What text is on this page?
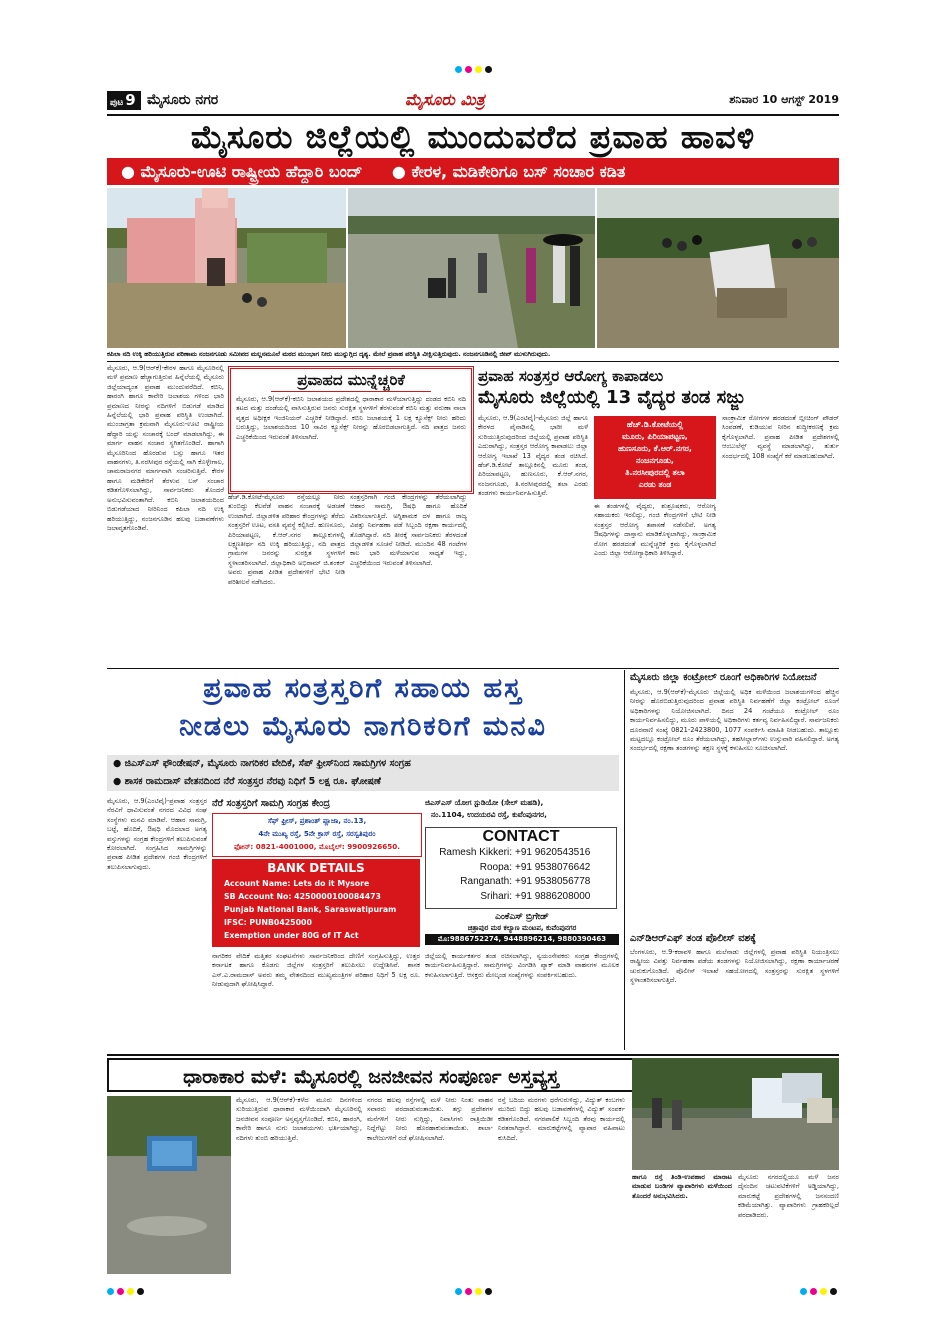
ಪುಟ 9 ಮೈಸೂರು ನಗರ	ಮೈಸೂರು ಮಿತ್ರ	ಶನಿವಾರ 10 ಆಗಸ್ಟ್ 2019
ಮೈಸೂರು ಜಿಲ್ಲೆಯಲ್ಲಿ ಮುಂದುವರೆದ ಪ್ರವಾಹ ಹಾವಳಿ
● ಮೈಸೂರು-ಊಟಿ ರಾಷ್ಟ್ರೀಯ ಹೆದ್ದಾರಿ ಬಂದ್ ● ಕೇರಳ, ಮಡಿಕೇರಿಗೂ ಬಸ್ ಸಂಚಾರ ಕಡಿತ
ಕಪಿಲಾ ನದಿ ಉಕ್ಕಿ ಹರಿಯುತ್ತಿರುವ ಪರಿಣಾಮ ನಂಜನಗೂಡು ಸಮೀಪದ ಮಲ್ಲನಮೂಲೆ ಮಠದ ಮುಂಭಾಗ ನೀರು ಮುನ್ನುಗ್ಗಿದ ದೃಶ್ಯ. ಮೇಲೆ ಪ್ರವಾಹ ಪರಿಸ್ಥಿತಿ ವೀಕ್ಷಿಸುತ್ತಿರುವುದು. ನಂಜನಗೂಡಿನಲ್ಲಿ ಜೀಪ್ ಮುಳುಗಿರುವುದು.
ಮೈಸೂರು, ಆ.9(ಆರ್‌ಕೆ)-ಕೇರಳ ಹಾಗೂ ಮೈಸೂರಿನಲ್ಲಿ ಮಳೆ ಪ್ರಮಾಣ ಹೆಚ್ಚಾಗುತ್ತಿರುವ ಹಿನ್ನೆಲೆಯಲ್ಲಿ ಮೈಸೂರು ಜಿಲ್ಲೆಯಾದ್ಯಂತ ಪ್ರವಾಹ ಮುಂದುವರೆದಿದೆ. ಕಬಿನಿ, ಹಾರಂಗಿ ಹಾಗೂ ಕಾವೇರಿ ಜಲಾಶಯ ಗಳಿಂದ ಭಾರಿ ಪ್ರಮಾಣದ ನೀರನ್ನು ನದಿಗಳಿಗೆ ಬಿಡುಗಡೆ ಮಾಡಿದ ಹಿನ್ನೆಲೆಯಲ್ಲಿ ಭಾರಿ ಪ್ರವಾಹ ಪರಿಸ್ಥಿತಿ ಉಂಟಾಗಿದೆ. ಮುಂಜಾಗ್ರತಾ ಕ್ರಮವಾಗಿ ಮೈಸೂರು-ಊಟಿ ರಾಷ್ಟ್ರೀಯ ಹೆದ್ದಾರಿ ಯನ್ನು ಸಂಚಾರಕ್ಕೆ ಬಂದ್ ಮಾಡಲಾಗಿದ್ದು, ಈ ಮಾರ್ಗ ವಾಹನ ಸಂಚಾರ ಸ್ಥಗಿತಗೊಂಡಿದೆ. ಹಾಗಾಗಿ ಮೈಸೂರಿನಿಂದ ಹೊರಡುವ ಬಸ್ಸು ಹಾಗೂ ಇತರ ವಾಹನಗಳು, ತಿ.ನರಸೀಪುರ ರಸ್ತೆಯಲ್ಲಿ ಸಾಗಿ ಕೊಳ್ಳೇಗಾಲ, ಚಾಮರಾಜನಗರ ಮಾರ್ಗವಾಗಿ ಸಂಚರಿಸುತ್ತಿವೆ. ಕೇರಳ ಹಾಗೂ ಮಡಿಕೇರಿಗೆ ತೆರಳುವ ಬಸ್ ಸಂಚಾರ ಕಡಿತಗೊಳಿಸಲಾಗಿದ್ದು, ಸಾರ್ವಜನಿಕರು ತೊಂದರೆ ಅನುಭವಿಸುವಂತಾಗಿದೆ. ಕಬಿನಿ ಜಲಾಶಯದಿಂದ ಬಿಡುಗಡೆಯಾದ ನೀರಿನಿಂದ ಕಪಿಲಾ ನದಿ ಉಕ್ಕಿ ಹರಿಯುತ್ತಿದ್ದು, ನಂಜನಗೂಡಿನ ಹಲವು ಬಡಾವಣೆಗಳು ಜಲಾವೃತಗೊಂಡಿವೆ.
ಪ್ರವಾಹದ ಮುನ್ನೆಚ್ಚರಿಕೆ
ಮೈಸೂರು, ಆ.9(ಆರ್‌ಕೆ)-ಕಬಿನಿ ಜಲಾಶಯದ ಪ್ರದೇಶದಲ್ಲಿ ಧಾರಾಕಾರ ಮಳೆಯಾಗುತ್ತಿದ್ದು ದಂಡದ ಕಬಿನಿ ನದಿ ತಟದ ಮತ್ತು ದಂಡೆಯಲ್ಲಿ ವಾಸಿಸುತ್ತಿರುವ ಜನರು ಸುರಕ್ಷಿತ ಸ್ಥಳಗಳಿಗೆ ತೆರಳುವಂತೆ ಕಬಿನಿ ಮತ್ತು ವರುಣಾ ನಾಲಾ ವೃತ್ತದ ಅಧೀಕ್ಷಕ ಇಂಜಿನಿಯರ್ ಎಚ್ಚರಿಕೆ ನೀಡಿದ್ದಾರೆ. ಕಬಿನಿ ಜಲಾಶಯಕ್ಕೆ 1 ಲಕ್ಷ ಕ್ಯೂಸೆಕ್ಸ್ ನೀರು ಹರಿದು ಬರುತ್ತಿದ್ದು, ಜಲಾಶಯದಿಂದ 10 ಸಾವಿರ ಕ್ಯೂಸೆಕ್ಸ್ ನೀರನ್ನು ಹೊರಬಿಡಲಾಗುತ್ತಿದೆ. ನದಿ ಪಾತ್ರದ ಜನರು ಎಚ್ಚರಿಕೆಯಿಂದ ಇರುವಂತೆ ತಿಳಿಸಲಾಗಿದೆ.
ಹೆಚ್.ಡಿ.ಕೋಟೆ-ಮೈಸೂರು ರಸ್ತೆಯಲ್ಲೂ ನೀರು ತುಂಬಿದ್ದು ಕೆಲವೆಡೆ ವಾಹನ ಸಂಚಾರಕ್ಕೆ ಅಡಚಣೆ ಉಂಟಾಗಿದೆ. ಜಿಲ್ಲಾಡಳಿತ ಪರಿಹಾರ ಕೇಂದ್ರಗಳನ್ನು ತೆರೆದು ಸಂತ್ರಸ್ತರಿಗೆ ಊಟ, ವಸತಿ ವ್ಯವಸ್ಥೆ ಕಲ್ಪಿಸಿದೆ. ಹುಣಸೂರು, ಪಿರಿಯಾಪಟ್ಟಣ, ಕೆ.ಆರ್.ನಗರ ತಾಲ್ಲೂಕುಗಳಲ್ಲಿ ಲಕ್ಷ್ಮಣತೀರ್ಥ ನದಿ ಉಕ್ಕಿ ಹರಿಯುತ್ತಿದ್ದು, ನದಿ ಪಾತ್ರದ ಗ್ರಾಮಗಳ ಜನರನ್ನು ಸುರಕ್ಷಿತ ಸ್ಥಳಗಳಿಗೆ ಸ್ಥಳಾಂತರಿಸಲಾಗಿದೆ. ಜಿಲ್ಲಾಧಿಕಾರಿ ಅಭಿರಾಮ್ ಜಿ.ಶಂಕರ್ ಅವರು ಪ್ರವಾಹ ಪೀಡಿತ ಪ್ರದೇಶಗಳಿಗೆ ಭೇಟಿ ನೀಡಿ ಪರಿಶೀಲನೆ ನಡೆಸಿದರು.
ಸಂತ್ರಸ್ತರಿಗಾಗಿ ಗಂಜಿ ಕೇಂದ್ರಗಳನ್ನು ತೆರೆಯಲಾಗಿದ್ದು ಆಹಾರ ಸಾಮಗ್ರಿ, ಔಷಧಿ ಹಾಗೂ ಹೊದಿಕೆ ವಿತರಿಸಲಾಗುತ್ತಿದೆ. ಅಗ್ನಿಶಾಮಕ ದಳ ಹಾಗೂ ರಾಜ್ಯ ವಿಪತ್ತು ನಿರ್ವಹಣಾ ಪಡೆ ಸಿಬ್ಬಂದಿ ರಕ್ಷಣಾ ಕಾರ್ಯದಲ್ಲಿ ತೊಡಗಿದ್ದಾರೆ. ನದಿ ತೀರಕ್ಕೆ ಸಾರ್ವಜನಿಕರು ತೆರಳದಂತೆ ಜಿಲ್ಲಾಡಳಿತ ಸೂಚನೆ ನೀಡಿದೆ. ಮುಂದಿನ 48 ಗಂಟೆಗಳ ಕಾಲ ಭಾರಿ ಮಳೆಯಾಗುವ ಸಾಧ್ಯತೆ ಇದ್ದು, ಎಚ್ಚರಿಕೆಯಿಂದ ಇರುವಂತೆ ತಿಳಿಸಲಾಗಿದೆ.
ಪ್ರವಾಹ ಸಂತ್ರಸ್ತರ ಆರೋಗ್ಯ ಕಾಪಾಡಲು
ಮೈಸೂರು ಜಿಲ್ಲೆಯಲ್ಲಿ 13 ವೈದ್ಯರ ತಂಡ ಸಜ್ಜು
ಮೈಸೂರು, ಆ.9(ಎಂಟಿವೈ)-ಮೈಸೂರು ಜಿಲ್ಲೆ ಹಾಗೂ ಕೇರಳದ ವೈನಾಡಿನಲ್ಲಿ ಭಾರೀ ಮಳೆ ಸುರಿಯುತ್ತಿರುವುದರಿಂದ ಜಿಲ್ಲೆಯಲ್ಲಿ ಪ್ರವಾಹ ಪರಿಸ್ಥಿತಿ ಎದುರಾಗಿದ್ದು, ಸಂತ್ರಸ್ತರ ಆರೋಗ್ಯ ಕಾಪಾಡಲು ಜಿಲ್ಲಾ ಆರೋಗ್ಯ ಇಲಾಖೆ 13 ವೈದ್ಯರ ತಂಡ ರಚಿಸಿದೆ. ಹೆಚ್.ಡಿ.ಕೋಟೆ ತಾಲ್ಲೂಕಿನಲ್ಲಿ ಮೂರು ತಂಡ, ಪಿರಿಯಾಪಟ್ಟಣ, ಹುಣಸೂರು, ಕೆ.ಆರ್.ನಗರ, ನಂಜನಗೂಡು, ತಿ.ನರಸೀಪುರದಲ್ಲಿ ತಲಾ ಎರಡು ತಂಡಗಳು ಕಾರ್ಯನಿರ್ವಹಿಸುತ್ತಿವೆ.
ಹೆಚ್.ಡಿ.ಕೋಟೆಯಲ್ಲಿ
ಮೂರು, ಪಿರಿಯಾಪಟ್ಟಣ,
ಹುಣಸೂರು, ಕೆ.ಆರ್.ನಗರ,
ನಂಜನಗೂಡು,
ತಿ.ನರಸೀಪುರದಲ್ಲಿ ತಲಾ
ಎರಡು ತಂಡ
ಈ ತಂಡಗಳಲ್ಲಿ ವೈದ್ಯರು, ಶುಶ್ರೂಷಕರು, ಆರೋಗ್ಯ ಸಹಾಯಕರು ಇರಲಿದ್ದು, ಗಂಜಿ ಕೇಂದ್ರಗಳಿಗೆ ಭೇಟಿ ನೀಡಿ ಸಂತ್ರಸ್ತರ ಆರೋಗ್ಯ ತಪಾಸಣೆ ನಡೆಸಲಿವೆ. ಅಗತ್ಯ ಔಷಧಿಗಳನ್ನು ದಾಸ್ತಾನು ಮಾಡಿಕೊಳ್ಳಲಾಗಿದ್ದು, ಸಾಂಕ್ರಾಮಿಕ ರೋಗ ಹರಡದಂತೆ ಮುನ್ನೆಚ್ಚರಿಕೆ ಕ್ರಮ ಕೈಗೊಳ್ಳಲಾಗಿದೆ ಎಂದು ಜಿಲ್ಲಾ ಆರೋಗ್ಯಾಧಿಕಾರಿ ತಿಳಿಸಿದ್ದಾರೆ.
ಸಾಂಕ್ರಾಮಿಕ ರೋಗಗಳ ಹರಡದಂತೆ ಬ್ಲೀಚಿಂಗ್ ಪೌಡರ್ ಸಿಂಪಡಣೆ, ಕುಡಿಯುವ ನೀರಿನ ಶುದ್ಧೀಕರಣಕ್ಕೆ ಕ್ರಮ ಕೈಗೊಳ್ಳಲಾಗಿದೆ. ಪ್ರವಾಹ ಪೀಡಿತ ಪ್ರದೇಶಗಳಲ್ಲಿ ಆಂಬುಲೆನ್ಸ್ ವ್ಯವಸ್ಥೆ ಮಾಡಲಾಗಿದ್ದು, ತುರ್ತು ಸಂದರ್ಭದಲ್ಲಿ 108 ಸಂಖ್ಯೆಗೆ ಕರೆ ಮಾಡಬಹುದಾಗಿದೆ.
ಪ್ರವಾಹ ಸಂತ್ರಸ್ತರಿಗೆ ಸಹಾಯ ಹಸ್ತ
ನೀಡಲು ಮೈಸೂರು ನಾಗರಿಕರಿಗೆ ಮನವಿ
● ಜಿಎಸ್‌ಎಸ್ ಫೌಂಡೇಷನ್, ಮೈಸೂರು ನಾಗರಿಕರ ವೇದಿಕೆ, ಸೆಪ್ ಫ್ರೀಸ್‌ನಿಂದ ಸಾಮಗ್ರಿಗಳ ಸಂಗ್ರಹ
● ಶಾಸಕ ರಾಮದಾಸ್ ವೇತನದಿಂದ ನೆರೆ ಸಂತ್ರಸ್ತರ ನೆರವು ನಿಧಿಗೆ 5 ಲಕ್ಷ ರೂ. ಘೋಷಣೆ
ಮೈಸೂರು, ಆ.9(ಎಂಟಿವೈ)-ಪ್ರವಾಹ ಸಂತ್ರಸ್ತರ ನೆರವಿಗೆ ಧಾವಿಸುವಂತೆ ನಗರದ ವಿವಿಧ ಸಂಘ ಸಂಸ್ಥೆಗಳು ಮನವಿ ಮಾಡಿವೆ. ಆಹಾರ ಸಾಮಗ್ರಿ, ಬಟ್ಟೆ, ಹೊದಿಕೆ, ಔಷಧಿ ಮೊದಲಾದ ಅಗತ್ಯ ವಸ್ತುಗಳನ್ನು ಸಂಗ್ರಹ ಕೇಂದ್ರಗಳಿಗೆ ತಲುಪಿಸುವಂತೆ ಕೋರಲಾಗಿದೆ. ಸಂಗ್ರಹಿಸಿದ ಸಾಮಗ್ರಿಗಳನ್ನು ಪ್ರವಾಹ ಪೀಡಿತ ಪ್ರದೇಶಗಳ ಗಂಜಿ ಕೇಂದ್ರಗಳಿಗೆ ತಲುಪಿಸಲಾಗುವುದು.
ನೆರೆ ಸಂತ್ರಸ್ತರಿಗೆ ಸಾಮಗ್ರಿ ಸಂಗ್ರಹ ಕೇಂದ್ರ
ಸೆಫ್ ಫ್ರೀಸ್, ಪ್ರಶಾಂತ್ ಪ್ಲಾಜಾ, ನಂ.13,
4ನೇ ಮುಖ್ಯ ರಸ್ತೆ, 5ನೇ ಕ್ರಾಸ್ ರಸ್ತೆ, ಸರಸ್ವತಿಪುರಂ
ಫೋನ್: 0821-4001000, ಮೊಬೈಲ್: 9900926650.
BANK DETAILS
Account Name: Lets do it Mysore
SB Account No: 4250000100084473
Punjab National Bank, Saraswatipuram
IFSC: PUNB0425000
Exemption under 80G of IT Act
ಜಿಎಸ್‌ಎಸ್ ಯೋಗ ಸ್ಟುಡಿಯೋ (ಸೇಲ್ ಮಹಡಿ),
ನಂ.1104, ಉದಯರವಿ ರಸ್ತೆ, ಕುವೆಂಪುನಗರ,
CONTACT
Ramesh Kikkeri: +91 9620543516
Roopa: +91 9538076642
Ranganath: +91 9538056778
Srihari: +91 9886208000
ಎಂಕೆಎಸ್ ಬ್ರಿಗೇಡ್
ಚಿತ್ರಾಪುರ ಮಠ ಕಲ್ಯಾಣ ಮಂಟಪ, ಕುವೆಂಪುನಗರ
ಮೊ:9886752274, 9448896214, 9880390463
ನಾಗರಿಕರ ವೇದಿಕೆ ಮತ್ತಿತರ ಸಂಘಟನೆಗಳು ಸಾರ್ವಜನಿಕರಿಂದ ದೇಣಿಗೆ ಸಂಗ್ರಹಿಸುತ್ತಿದ್ದು, ಉತ್ತರ ಕರ್ನಾಟಕ ಹಾಗೂ ಕೊಡಗು ಜಿಲ್ಲೆಗಳ ಸಂತ್ರಸ್ತರಿಗೆ ತಲುಪಿಸಲು ಉದ್ದೇಶಿಸಿವೆ. ಶಾಸಕ ಎಸ್.ಎ.ರಾಮದಾಸ್ ಅವರು ತಮ್ಮ ವೇತನದಿಂದ ಮುಖ್ಯಮಂತ್ರಿಗಳ ಪರಿಹಾರ ನಿಧಿಗೆ 5 ಲಕ್ಷ ರೂ. ನೀಡುವುದಾಗಿ ಘೋಷಿಸಿದ್ದಾರೆ.
ಜಿಲ್ಲೆಯಲ್ಲಿ ಕಾರ್ಯಕರ್ತರ ತಂಡ ರಚಿಸಲಾಗಿದ್ದು, ಸ್ವಯಂಸೇವಕರು ಸಂಗ್ರಹ ಕೇಂದ್ರಗಳಲ್ಲಿ ಕಾರ್ಯನಿರ್ವಹಿಸುತ್ತಿದ್ದಾರೆ. ಸಾಮಗ್ರಿಗಳನ್ನು ವಿಂಗಡಿಸಿ ಪ್ಯಾಕ್ ಮಾಡಿ ವಾಹನಗಳ ಮೂಲಕ ಕಳುಹಿಸಲಾಗುತ್ತಿದೆ. ಆಸಕ್ತರು ಮೇಲ್ಕಂಡ ಸಂಖ್ಯೆಗಳನ್ನು ಸಂಪರ್ಕಿಸಬಹುದು.
ಮೈಸೂರು ಜಿಲ್ಲಾ ಕಂಟ್ರೋಲ್ ರೂಂಗೆ ಅಧಿಕಾರಿಗಳ ನಿಯೋಜನೆ
ಮೈಸೂರು, ಆ.9(ಆರ್‌ಕೆ)-ಮೈಸೂರು ಜಿಲ್ಲೆಯಲ್ಲಿ ಅಧಿಕ ಮಳೆಯಿಂದ ಜಲಾಶಯಗಳಿಂದ ಹೆಚ್ಚಿನ ನೀರನ್ನು ಹೊರಬಿಡುತ್ತಿರುವುದರಿಂದ ಪ್ರವಾಹ ಪರಿಸ್ಥಿತಿ ನಿರ್ವಹಣೆಗೆ ಜಿಲ್ಲಾ ಕಂಟ್ರೋಲ್ ರೂಂಗೆ ಅಧಿಕಾರಿಗಳನ್ನು ನಿಯೋಜಿಸಲಾಗಿದೆ. ದಿನದ 24 ಗಂಟೆಯೂ ಕಂಟ್ರೋಲ್ ರೂಂ ಕಾರ್ಯನಿರ್ವಹಿಸಲಿದ್ದು, ಮೂರು ಪಾಳಿಯಲ್ಲಿ ಅಧಿಕಾರಿಗಳು ಕರ್ತವ್ಯ ನಿರ್ವಹಿಸಲಿದ್ದಾರೆ. ಸಾರ್ವಜನಿಕರು ದೂರವಾಣಿ ಸಂಖ್ಯೆ 0821-2423800, 1077 ಸಂಪರ್ಕಿಸಿ ಮಾಹಿತಿ ನೀಡಬಹುದು. ತಾಲ್ಲೂಕು ಮಟ್ಟದಲ್ಲೂ ಕಂಟ್ರೋಲ್ ರೂಂ ತೆರೆಯಲಾಗಿದ್ದು, ತಹಸೀಲ್ದಾರ್‌ಗಳು ಉಸ್ತುವಾರಿ ವಹಿಸಲಿದ್ದಾರೆ. ಅಗತ್ಯ ಸಂದರ್ಭದಲ್ಲಿ ರಕ್ಷಣಾ ತಂಡಗಳನ್ನು ತಕ್ಷಣ ಸ್ಥಳಕ್ಕೆ ಕಳುಹಿಸಲು ಸೂಚಿಸಲಾಗಿದೆ.
ಎನ್‌ಡಿಆರ್‌ಎಫ್ ತಂಡ ಪೊಲೀಸ್ ವಶಕ್ಕೆ
ಬೆಂಗಳೂರು, ಆ.9-ಕರಾವಳಿ ಹಾಗೂ ಮಲೆನಾಡು ಜಿಲ್ಲೆಗಳಲ್ಲಿ ಪ್ರವಾಹ ಪರಿಸ್ಥಿತಿ ನಿಯಂತ್ರಿಸಲು ರಾಷ್ಟ್ರೀಯ ವಿಪತ್ತು ನಿರ್ವಹಣಾ ಪಡೆಯ ತಂಡಗಳನ್ನು ನಿಯೋಜಿಸಲಾಗಿದ್ದು, ರಕ್ಷಣಾ ಕಾರ್ಯಾಚರಣೆ ಚುರುಕುಗೊಂಡಿದೆ. ಪೊಲೀಸ್ ಇಲಾಖೆ ಸಹಯೋಗದಲ್ಲಿ ಸಂತ್ರಸ್ತರನ್ನು ಸುರಕ್ಷಿತ ಸ್ಥಳಗಳಿಗೆ ಸ್ಥಳಾಂತರಿಸಲಾಗುತ್ತಿದೆ.
ಧಾರಾಕಾರ ಮಳೆ: ಮೈಸೂರಲ್ಲಿ ಜನಜೀವನ ಸಂಪೂರ್ಣ ಅಸ್ತವ್ಯಸ್ತ
ಮೈಸೂರು, ಆ.9(ಆರ್‌ಕೆ)-ಕಳೆದ ಮೂರು ದಿನಗಳಿಂದ ಸುರಿಯುತ್ತಿರುವ ಧಾರಾಕಾರ ಮಳೆಯಿಂದಾಗಿ ಮೈಸೂರಿನಲ್ಲಿ ಜನಜೀವನ ಸಂಪೂರ್ಣ ಅಸ್ತವ್ಯಸ್ತಗೊಂಡಿದೆ. ಕಬಿನಿ, ಹಾರಂಗಿ, ಕಾವೇರಿ ಹಾಗೂ ನುಗು ಜಲಾಶಯಗಳು ಭರ್ತಿಯಾಗಿದ್ದು, ನದಿಗಳು ತುಂಬಿ ಹರಿಯುತ್ತಿವೆ.
ನಗರದ ಹಲವು ರಸ್ತೆಗಳಲ್ಲಿ ಮಳೆ ನೀರು ನಿಂತು ವಾಹನ ಸವಾರರು ಪರದಾಡುವಂತಾಯಿತು. ತಗ್ಗು ಪ್ರದೇಶಗಳ ಮನೆಗಳಿಗೆ ನೀರು ನುಗ್ಗಿದ್ದು, ನಿವಾಸಿಗಳು ರಾತ್ರಿಯಿಡೀ ನಿದ್ದೆಗೆಟ್ಟು ನೀರು ಹೊರಹಾಕುವಂತಾಯಿತು. ಶಾಲಾ-ಕಾಲೇಜುಗಳಿಗೆ ರಜೆ ಘೋಷಿಸಲಾಗಿದೆ.
ರಸ್ತೆ ಬದಿಯ ಮರಗಳು ಧರೆಗುರುಳಿದ್ದು, ವಿದ್ಯುತ್ ಕಂಬಗಳು ಮುರಿದು ಬಿದ್ದು ಹಲವು ಬಡಾವಣೆಗಳಲ್ಲಿ ವಿದ್ಯುತ್ ಸಂಪರ್ಕ ಕಡಿತಗೊಂಡಿದೆ. ನಗರಪಾಲಿಕೆ ಸಿಬ್ಬಂದಿ ತೆರವು ಕಾರ್ಯದಲ್ಲಿ ನಿರತರಾಗಿದ್ದಾರೆ. ಮಾರುಕಟ್ಟೆಗಳಲ್ಲಿ ವ್ಯಾಪಾರ ವಹಿವಾಟು ಕುಸಿದಿದೆ.
ಹಾಗೂ ರಸ್ತೆ ತಿಂಡಿ-ಉಪಹಾರ ಮಾರಾಟ ಮಾಡುವ ಬಂಡಿಗಳ ವ್ಯಾಪಾರಿಗಳು ಮಳೆಯಿಂದ ತೊಂದರೆ ಅನುಭವಿಸಿದರು.
ಮೈಸೂರು ನಗರದಲ್ಲಿಯೂ ಮಳೆ ಜನರ ದೈನಂದಿನ ಚಟುವಟಿಕೆಗಳಿಗೆ ಅಡ್ಡಿಯಾಗಿದ್ದು, ಮಾರುಕಟ್ಟೆ ಪ್ರದೇಶಗಳಲ್ಲಿ ಜನಸಂದಣಿ ಕಡಿಮೆಯಾಗಿತ್ತು. ವ್ಯಾಪಾರಿಗಳು ಗ್ರಾಹಕರಿಲ್ಲದೆ ಪರದಾಡಿದರು.
